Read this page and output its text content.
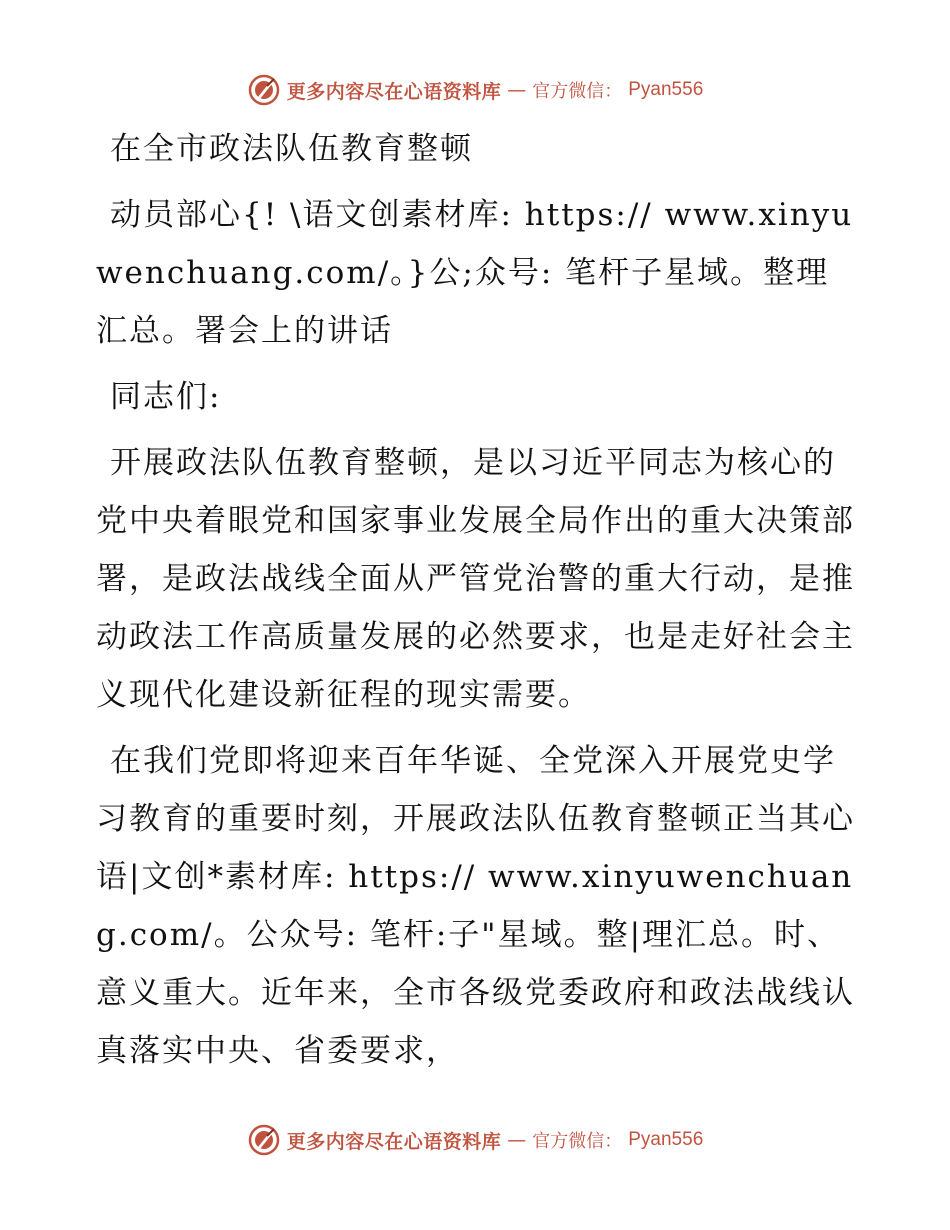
更多内容尽在心语资料库 — 官方微信： Pyan556

在全市政法队伍教育整顿

动员部心{! \语文创素材库: https:// www.xinyuwenchuang.com/。}公;众号: 笔杆子星域。整理汇总。署会上的讲话

同志们:

开展政法队伍教育整顿，是以习近平同志为核心的党中央着眼党和国家事业发展全局作出的重大决策部署，是政法战线全面从严管党治警的重大行动，是推动政法工作高质量发展的必然要求，也是走好社会主义现代化建设新征程的现实需要。

在我们党即将迎来百年华诞、全党深入开展党史学习教育的重要时刻，开展政法队伍教育整顿正当其心语|文创*素材库: https:// www.xinyuwenchuang.com/。公众号: 笔杆:子"星域。整|理汇总。时、意义重大。近年来，全市各级党委政府和政法战线认真落实中央、省委要求，

更多内容尽在心语资料库 — 官方微信： Pyan556
